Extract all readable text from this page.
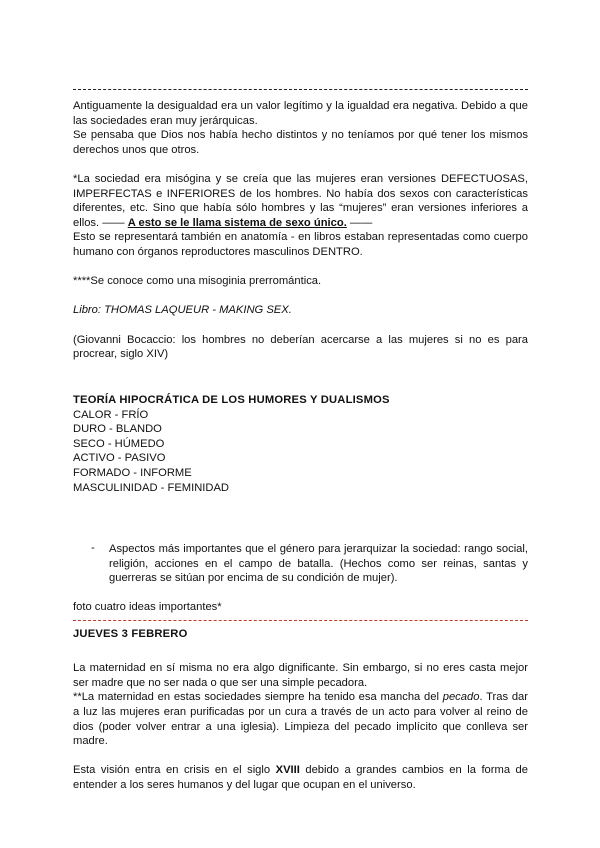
Antiguamente la desigualdad era un valor legítimo y la igualdad era negativa. Debido a que las sociedades eran muy jerárquicas.

Se pensaba que Dios nos había hecho distintos y no teníamos por qué tener los mismos derechos unos que otros.

*La sociedad era misógina y se creía que las mujeres eran versiones DEFECTUOSAS, IMPERFECTAS e INFERIORES de los hombres. No había dos sexos con características diferentes, etc. Sino que había sólo hombres y las “mujeres” eran versiones inferiores a ellos. —— A esto se le llama sistema de sexo único. ——

Esto se representará también en anatomía - en libros estaban representadas como cuerpo humano con órganos reproductores masculinos DENTRO.

****Se conoce como una misoginia prerromántica.

Libro: THOMAS LAQUEUR - MAKING SEX.

(Giovanni Bocaccio: los hombres no deberían acercarse a las mujeres si no es para procrear, siglo XIV)

TEORÍA HIPOCRÁTICA DE LOS HUMORES Y DUALISMOS

CALOR - FRÍO
DURO - BLANDO
SECO - HÚMEDO
ACTIVO - PASIVO
FORMADO - INFORME
MASCULINIDAD - FEMINIDAD
-	Aspectos más importantes que el género para jerarquizar la sociedad: rango social, religión, acciones en el campo de batalla. (Hechos como ser reinas, santas y guerreras se sitúan por encima de su condición de mujer).

foto cuatro ideas importantes*

JUEVES 3 FEBRERO

La maternidad en sí misma no era algo dignificante. Sin embargo, si no eres casta mejor ser madre que no ser nada o que ser una simple pecadora.

**La maternidad en estas sociedades siempre ha tenido esa mancha del pecado. Tras dar a luz las mujeres eran purificadas por un cura a través de un acto para volver al reino de dios (poder volver entrar a una iglesia). Limpieza del pecado implícito que conlleva ser madre.

Esta visión entra en crisis en el siglo XVIII debido a grandes cambios en la forma de entender a los seres humanos y del lugar que ocupan en el universo.
